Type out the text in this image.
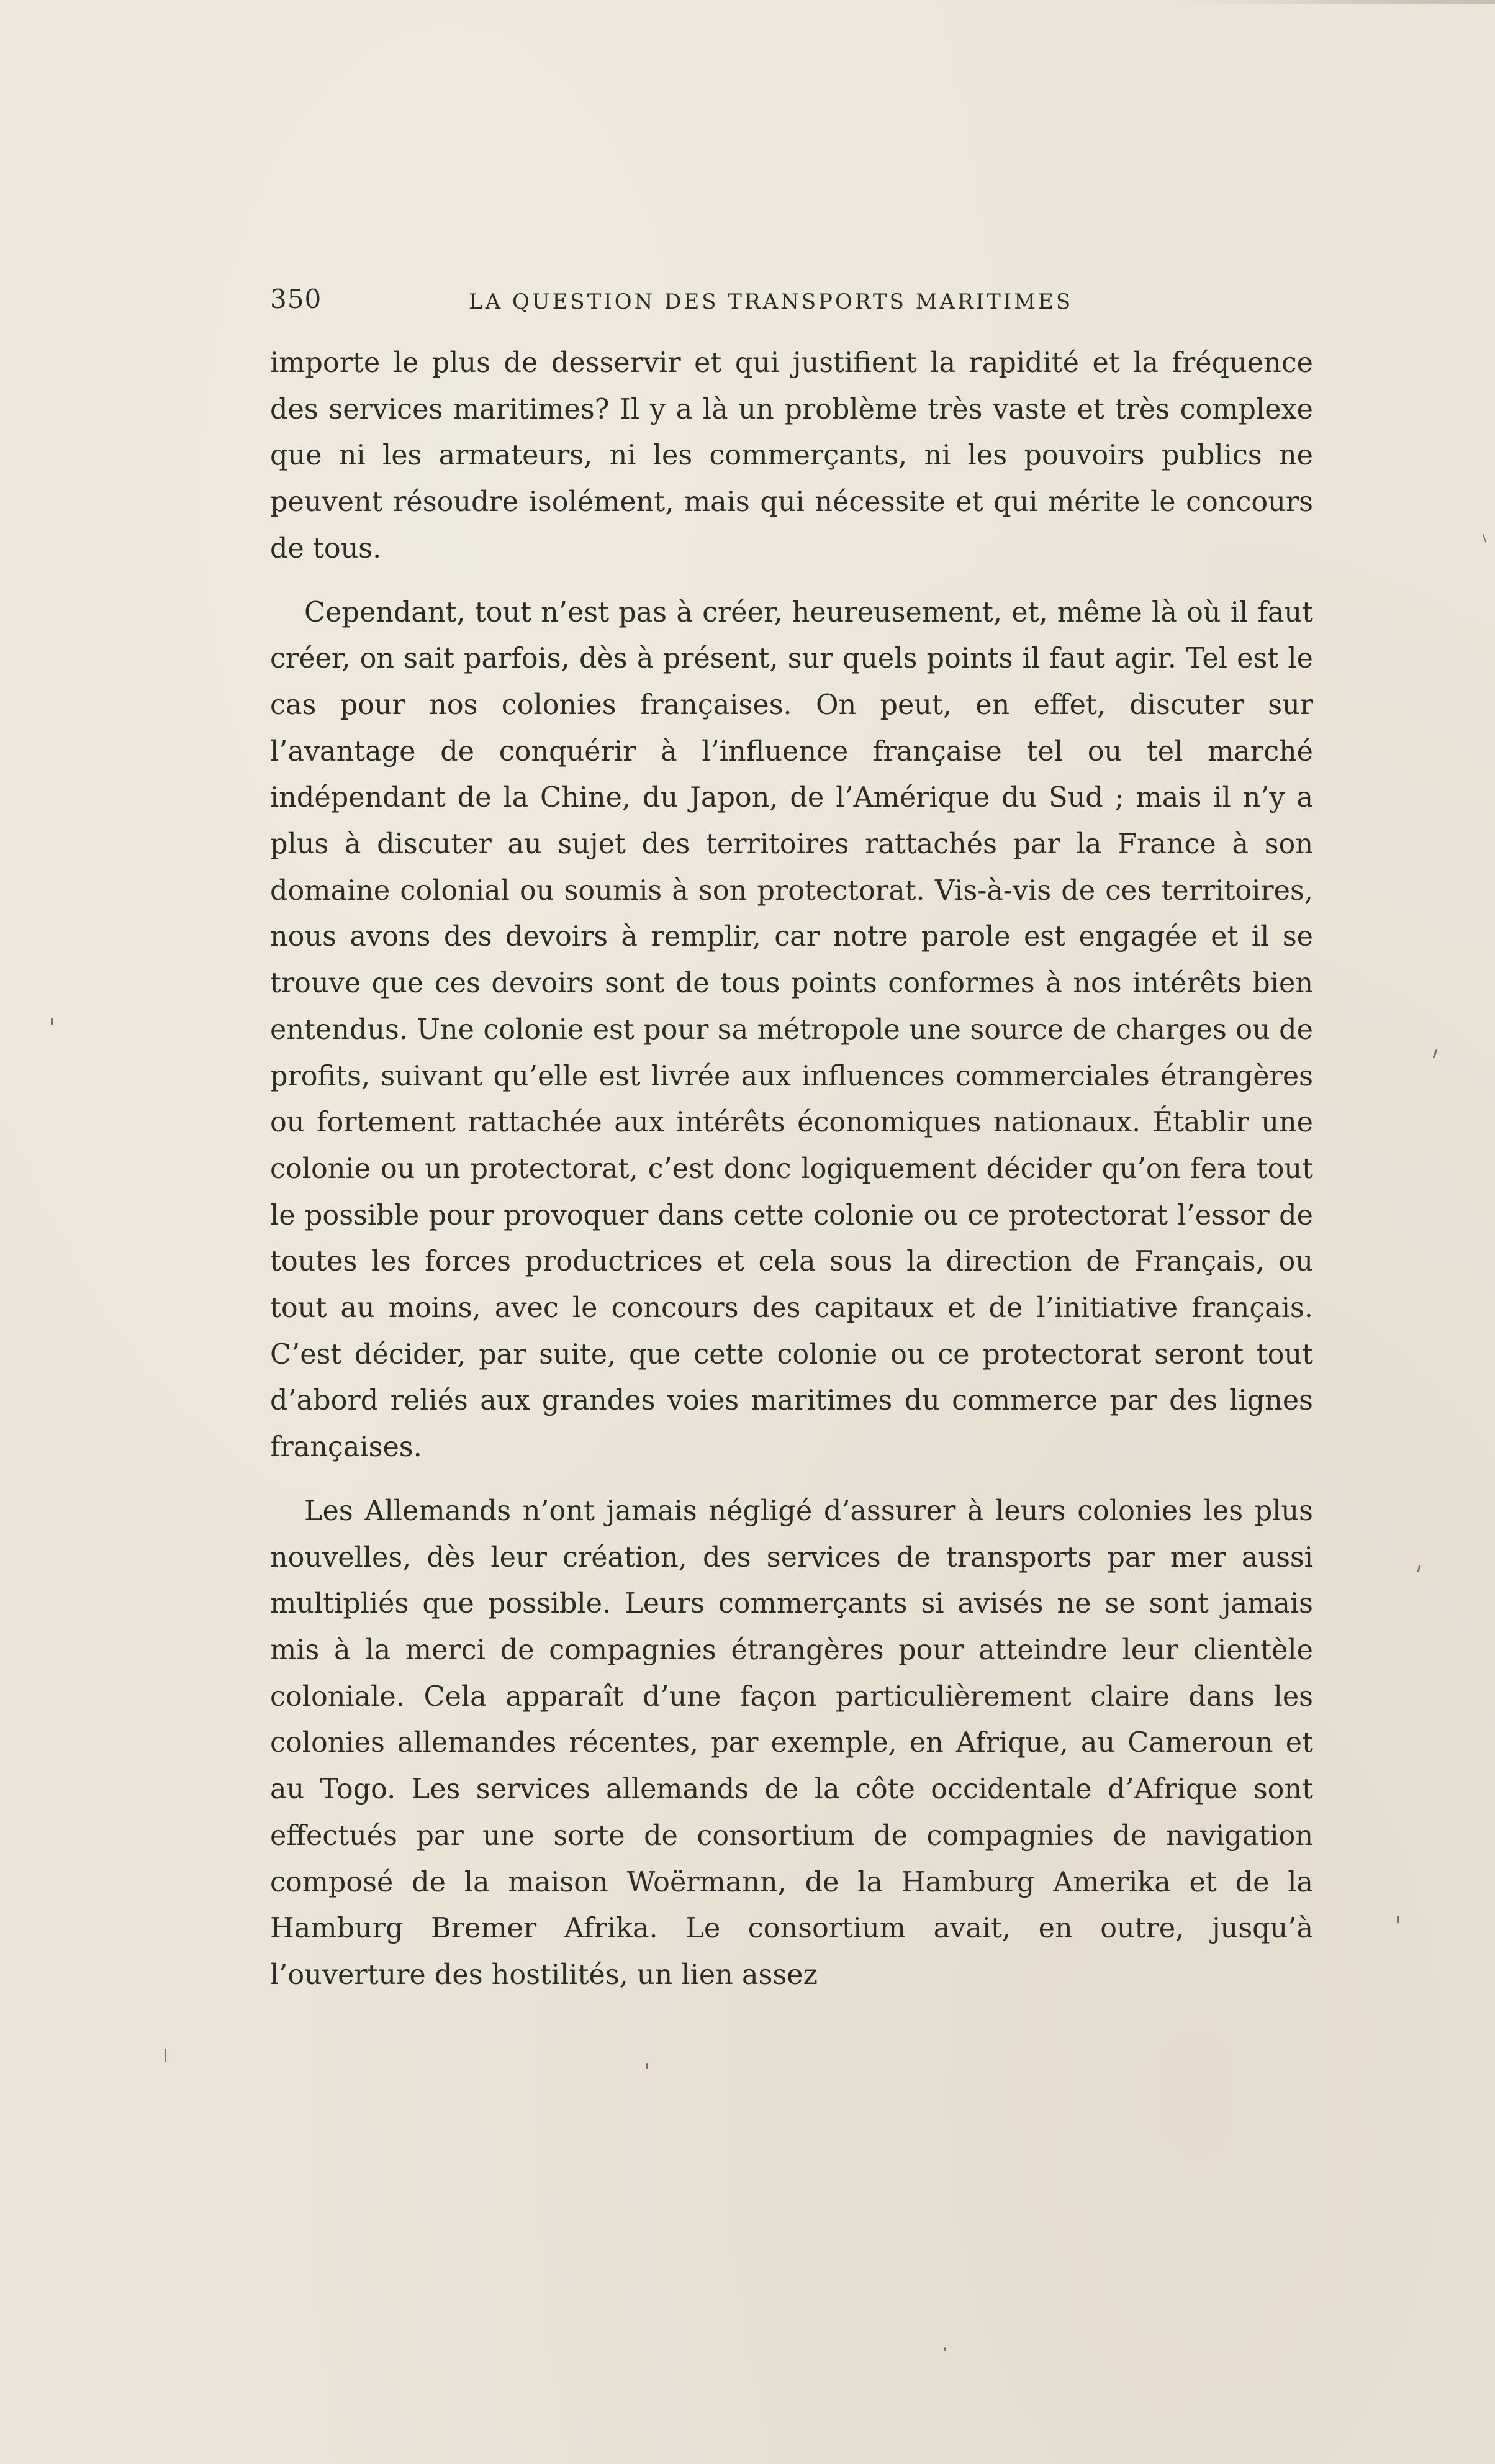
350	LA QUESTION DES TRANSPORTS MARITIMES

importe le plus de desservir et qui justifient la rapidité et la fréquence des services maritimes? Il y a là un problème très vaste et très complexe que ni les armateurs, ni les commerçants, ni les pouvoirs publics ne peuvent résoudre isolément, mais qui nécessite et qui mérite le concours de tous.

Cependant, tout n’est pas à créer, heureusement, et, même là où il faut créer, on sait parfois, dès à présent, sur quels points il faut agir. Tel est le cas pour nos colonies françaises. On peut, en effet, discuter sur l’avantage de conquérir à l’influence française tel ou tel marché indépendant de la Chine, du Japon, de l’Amérique du Sud ; mais il n’y a plus à discuter au sujet des territoires rattachés par la France à son domaine colonial ou soumis à son protectorat. Vis-à-vis de ces territoires, nous avons des devoirs à remplir, car notre parole est engagée et il se trouve que ces devoirs sont de tous points conformes à nos intérêts bien entendus. Une colonie est pour sa métropole une source de charges ou de profits, suivant qu’elle est livrée aux influences commerciales étrangères ou fortement rattachée aux intérêts économiques nationaux. Établir une colonie ou un protectorat, c’est donc logiquement décider qu’on fera tout le possible pour provoquer dans cette colonie ou ce protectorat l’essor de toutes les forces productrices et cela sous la direction de Français, ou tout au moins, avec le concours des capitaux et de l’initiative français. C’est décider, par suite, que cette colonie ou ce protectorat seront tout d’abord reliés aux grandes voies maritimes du commerce par des lignes françaises.

Les Allemands n’ont jamais négligé d’assurer à leurs colonies les plus nouvelles, dès leur création, des services de transports par mer aussi multipliés que possible. Leurs commerçants si avisés ne se sont jamais mis à la merci de compagnies étrangères pour atteindre leur clientèle coloniale. Cela apparaît d’une façon particulièrement claire dans les colonies allemandes récentes, par exemple, en Afrique, au Cameroun et au Togo. Les services allemands de la côte occidentale d’Afrique sont effectués par une sorte de consortium de compagnies de navigation composé de la maison Woërmann, de la Hamburg Amerika et de la Hamburg Bremer Afrika. Le consortium avait, en outre, jusqu’à l’ouverture des hostilités, un lien assez
